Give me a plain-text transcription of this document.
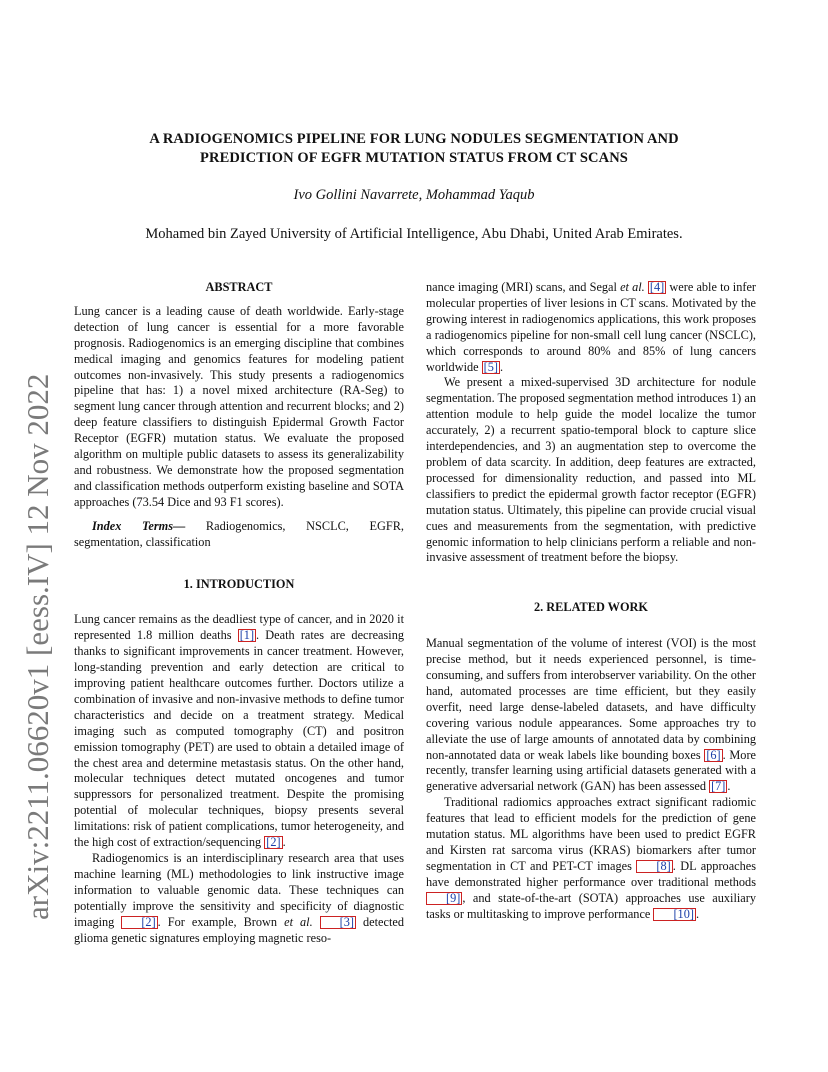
arXiv:2211.06620v1 [eess.IV] 12 Nov 2022
A RADIOGENOMICS PIPELINE FOR LUNG NODULES SEGMENTATION AND
PREDICTION OF EGFR MUTATION STATUS FROM CT SCANS
Ivo Gollini Navarrete, Mohammad Yaqub
Mohamed bin Zayed University of Artificial Intelligence, Abu Dhabi, United Arab Emirates.

ABSTRACT

Lung cancer is a leading cause of death worldwide. Early-stage detection of lung cancer is essential for a more favorable prognosis. Radiogenomics is an emerging discipline that combines medical imaging and genomics features for modeling patient outcomes non-invasively. This study presents a radiogenomics pipeline that has: 1) a novel mixed architecture (RA-Seg) to segment lung cancer through attention and recurrent blocks; and 2) deep feature classifiers to distinguish Epidermal Growth Factor Receptor (EGFR) mutation status. We evaluate the proposed algorithm on multiple public datasets to assess its generalizability and robustness. We demonstrate how the proposed segmentation and classification methods outperform existing baseline and SOTA approaches (73.54 Dice and 93 F1 scores).

Index Terms— Radiogenomics, NSCLC, EGFR, segmentation, classification

1. INTRODUCTION

Lung cancer remains as the deadliest type of cancer, and in 2020 it represented 1.8 million deaths [1] . Death rates are decreasing thanks to significant improvements in cancer treatment. However, long-standing prevention and early detection are critical to improving patient healthcare outcomes further. Doctors utilize a combination of invasive and non-invasive methods to define tumor characteristics and decide on a treatment strategy. Medical imaging such as computed tomography (CT) and positron emission tomography (PET) are used to obtain a detailed image of the chest area and determine metastasis status. On the other hand, molecular techniques detect mutated oncogenes and tumor suppressors for personalized treatment. Despite the promising potential of molecular techniques, biopsy presents several limitations: risk of patient complications, tumor heterogeneity, and the high cost of extraction/sequencing [2] .

Radiogenomics is an interdisciplinary research area that uses machine learning (ML) methodologies to link instructive image information to valuable genomic data. These techniques can potentially improve the sensitivity and specificity of diagnostic imaging [2] . For example, Brown et al. [3] detected glioma genetic signatures employing magnetic reso-

nance imaging (MRI) scans, and Segal et al. [4] were able to infer molecular properties of liver lesions in CT scans. Motivated by the growing interest in radiogenomics applications, this work proposes a radiogenomics pipeline for non-small cell lung cancer (NSCLC), which corresponds to around 80% and 85% of lung cancers worldwide [5] .

We present a mixed-supervised 3D architecture for nodule segmentation. The proposed segmentation method introduces 1) an attention module to help guide the model localize the tumor accurately, 2) a recurrent spatio-temporal block to capture slice interdependencies, and 3) an augmentation step to overcome the problem of data scarcity. In addition, deep features are extracted, processed for dimensionality reduction, and passed into ML classifiers to predict the epidermal growth factor receptor (EGFR) mutation status. Ultimately, this pipeline can provide crucial visual cues and measurements from the segmentation, with predictive genomic information to help clinicians perform a reliable and non-invasive assessment of treatment before the biopsy.

2. RELATED WORK

Manual segmentation of the volume of interest (VOI) is the most precise method, but it needs experienced personnel, is time-consuming, and suffers from interobserver variability. On the other hand, automated processes are time efficient, but they easily overfit, need large dense-labeled datasets, and have difficulty covering various nodule appearances. Some approaches try to alleviate the use of large amounts of annotated data by combining non-annotated data or weak labels like bounding boxes [6] . More recently, transfer learning using artificial datasets generated with a generative adversarial network (GAN) has been assessed [7] .

Traditional radiomics approaches extract significant radiomic features that lead to efficient models for the prediction of gene mutation status. ML algorithms have been used to predict EGFR and Kirsten rat sarcoma virus (KRAS) biomarkers after tumor segmentation in CT and PET-CT images [8] . DL approaches have demonstrated higher performance over traditional methods [9] , and state-of-the-art (SOTA) approaches use auxiliary tasks or multitasking to improve performance [10] .
